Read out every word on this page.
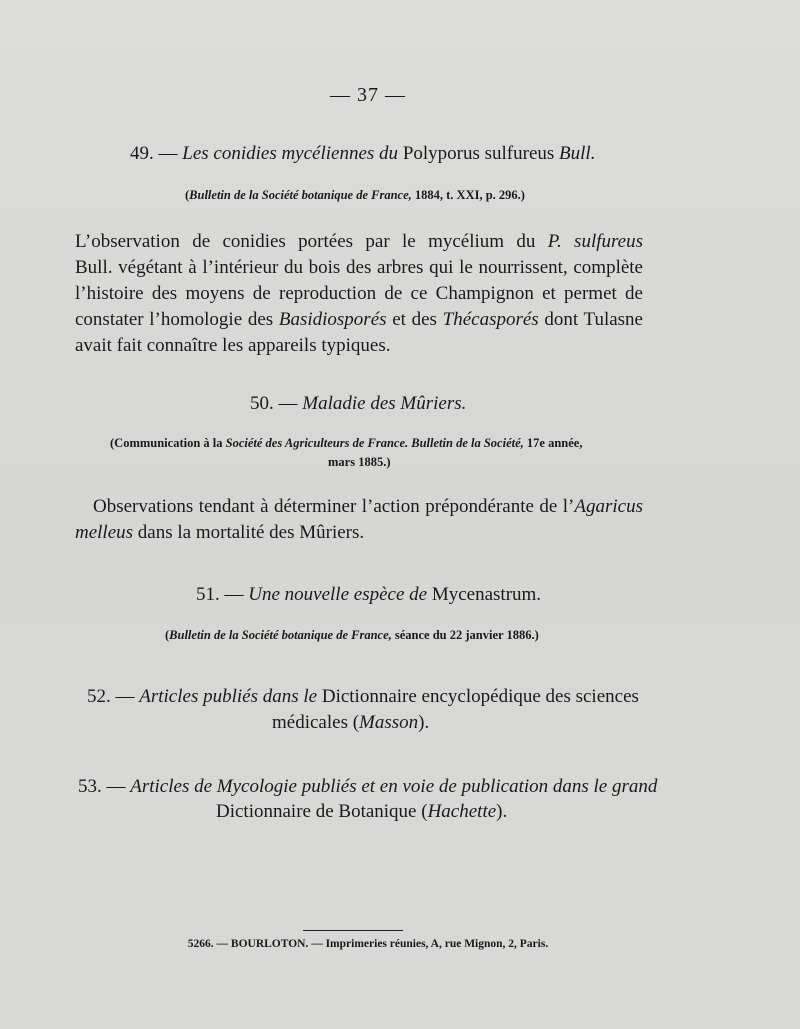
— 37 —
49. — Les conidies mycéliennes du Polyporus sulfureus Bull.
(Bulletin de la Société botanique de France, 1884, t. XXI, p. 296.)
L’observation de conidies portées par le mycélium du P. sulfureus
Bull. végétant à l’intérieur du bois des arbres qui le nourrissent, complète
l’histoire des moyens de reproduction de ce Champignon et permet de
constater l’homologie des Basidiosporés et des Thécasporés dont Tulasne
avait fait connaître les appareils typiques.
50. — Maladie des Mûriers.
(Communication à la Société des Agriculteurs de France. Bulletin de la Société, 17e année,
mars 1885.)
Observations tendant à déterminer l’action prépondérante de l’Agaricus
melleus dans la mortalité des Mûriers.
51. — Une nouvelle espèce de Mycenastrum.
(Bulletin de la Société botanique de France, séance du 22 janvier 1886.)
52. — Articles publiés dans le Dictionnaire encyclopédique des sciences
médicales (Masson).
53. — Articles de Mycologie publiés et en voie de publication dans le grand
Dictionnaire de Botanique (Hachette).
5266. — BOURLOTON. — Imprimeries réunies, A, rue Mignon, 2, Paris.
